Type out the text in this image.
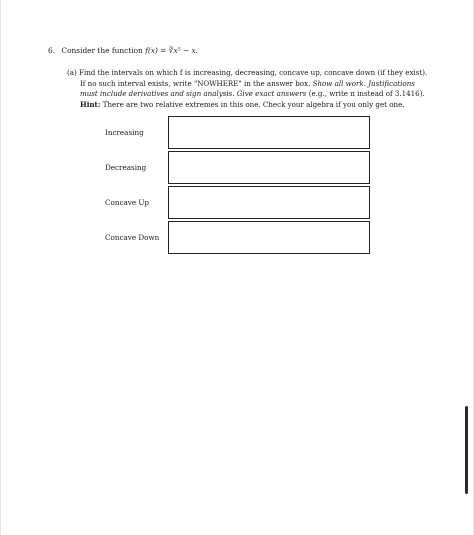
6. Consider the function f(x) = ∛x⁵ − x.
(a) Find the intervals on which f is increasing, decreasing, concave up, concave down (if they exist).
If no such interval exists, write "NOWHERE" in the answer box. Show all work. Justifications
must include derivatives and sign analysis. Give exact answers (e.g., write π instead of 3.1416).
Hint: There are two relative extremes in this one. Check your algebra if you only get one.
Increasing
Decreasing
Concave Up
Concave Down
